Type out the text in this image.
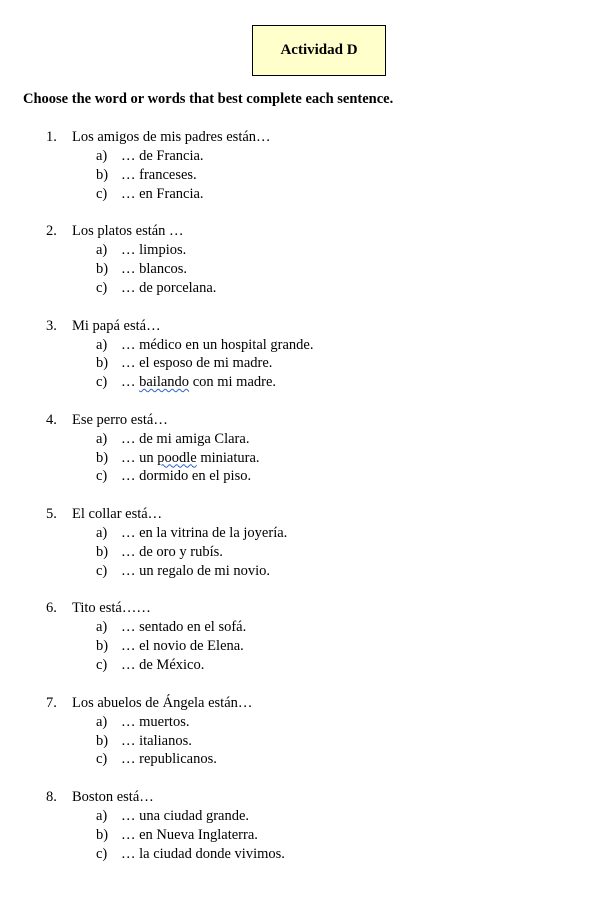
Actividad D
Choose the word or words that best complete each sentence.
1. Los amigos de mis padres están…
a) … de Francia.
b) … franceses.
c) … en Francia.
2. Los platos están …
a) … limpios.
b) … blancos.
c) … de porcelana.
3. Mi papá está…
a) … médico en un hospital grande.
b) … el esposo de mi madre.
c) … bailando con mi madre.
4. Ese perro está…
a) … de mi amiga Clara.
b) … un poodle miniatura.
c) … dormido en el piso.
5. El collar está…
a) … en la vitrina de la joyería.
b) … de oro y rubís.
c) … un regalo de mi novio.
6. Tito está……
a) … sentado en el sofá.
b) … el novio de Elena.
c) … de México.
7. Los abuelos de Ángela están…
a) … muertos.
b) … italianos.
c) … republicanos.
8. Boston está…
a) … una ciudad grande.
b) … en Nueva Inglaterra.
c) … la ciudad donde vivimos.
